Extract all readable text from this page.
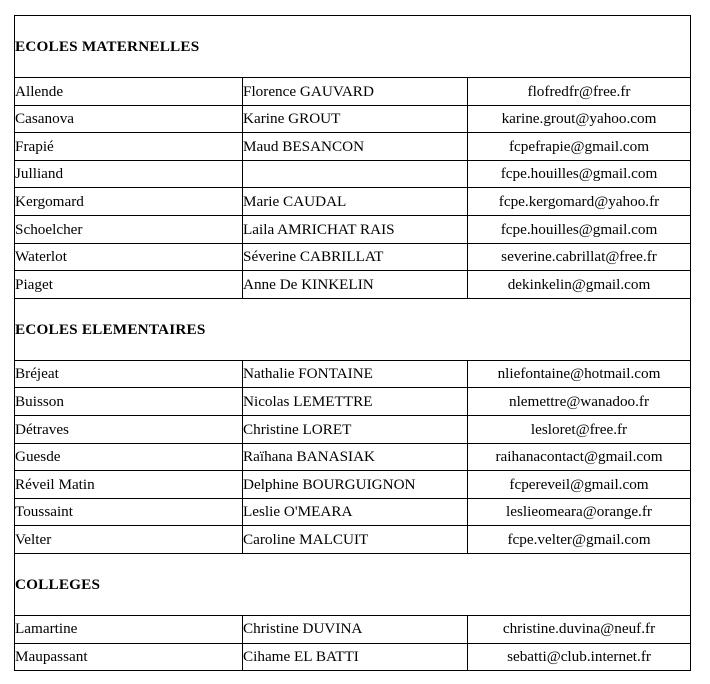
ECOLES MATERNELLES		
Allende	Florence GAUVARD	flofredfr@free.fr
Casanova	Karine GROUT	karine.grout@yahoo.com
Frapié	Maud BESANCON	fcpefrapie@gmail.com
Julliand		fcpe.houilles@gmail.com
Kergomard	Marie CAUDAL	fcpe.kergomard@yahoo.fr
Schoelcher	Laila AMRICHAT RAIS	fcpe.houilles@gmail.com
Waterlot	Séverine CABRILLAT	severine.cabrillat@free.fr
Piaget	Anne De KINKELIN	dekinkelin@gmail.com
ECOLES ELEMENTAIRES		
Bréjeat	Nathalie FONTAINE	nliefontaine@hotmail.com
Buisson	Nicolas LEMETTRE	nlemettre@wanadoo.fr
Détraves	Christine LORET	lesloret@free.fr
Guesde	Raïhana BANASIAK	raihanacontact@gmail.com
Réveil Matin	Delphine BOURGUIGNON	fcpereveil@gmail.com
Toussaint	Leslie O'MEARA	leslieomeara@orange.fr
Velter	Caroline MALCUIT	fcpe.velter@gmail.com
COLLEGES		
Lamartine	Christine DUVINA	christine.duvina@neuf.fr
Maupassant	Cihame EL BATTI	sebatti@club.internet.fr
